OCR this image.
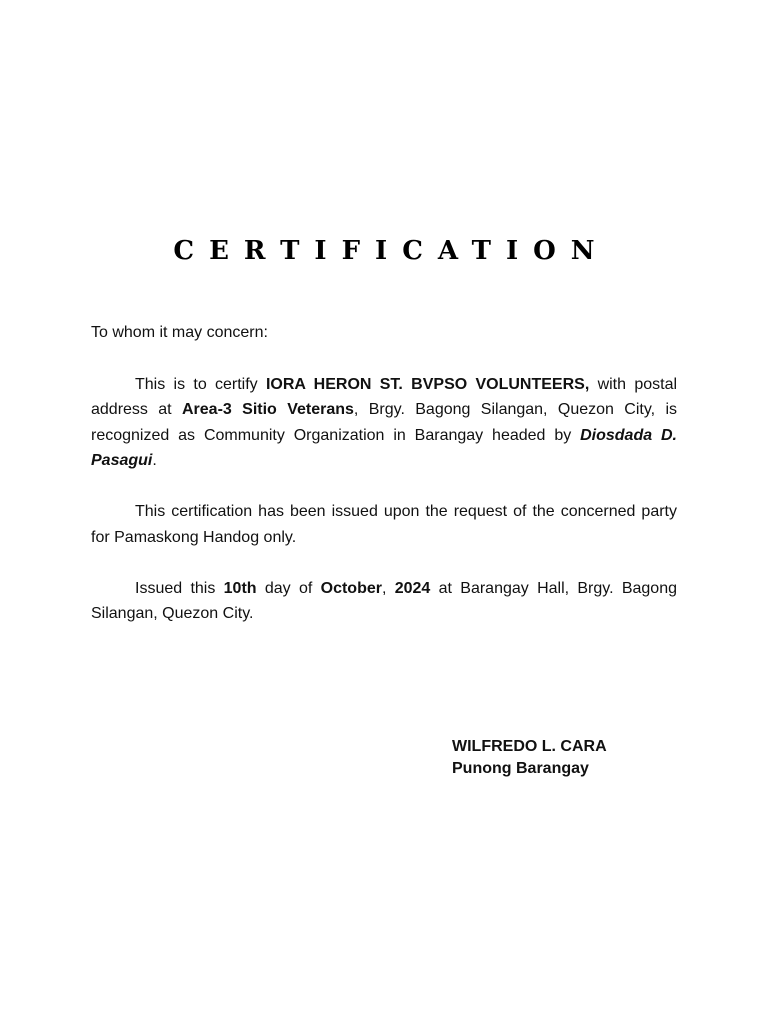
CERTIFICATION

To whom it may concern:

This is to certify IORA HERON ST. BVPSO VOLUNTEERS, with postal address at Area-3 Sitio Veterans, Brgy. Bagong Silangan, Quezon City, is recognized as Community Organization in Barangay headed by Diosdada D. Pasagui.

This certification has been issued upon the request of the concerned party for Pamaskong Handog only.

Issued this 10th day of October, 2024 at Barangay Hall, Brgy. Bagong Silangan, Quezon City.

WILFREDO L. CARA
Punong Barangay
